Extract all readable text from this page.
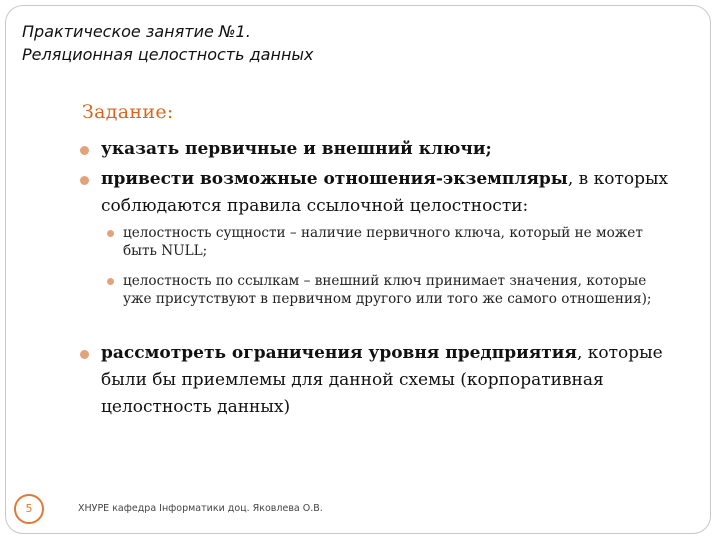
Практическое занятие №1.
Реляционная целостность данных
Задание:
указать первичные и внешний ключи;
привести возможные отношения-экземпляры, в которых соблюдаются правила ссылочной целостности:
целостность сущности – наличие первичного ключа, который не может быть NULL;
целостность по ссылкам – внешний ключ принимает значения, которые уже присутствуют в первичном другого или того же самого отношения);
рассмотреть ограничения уровня предприятия, которые были бы приемлемы для данной схемы (корпоративная целостность данных)
5	ХНУРЕ кафедра Інформатики доц. Яковлева О.В.
